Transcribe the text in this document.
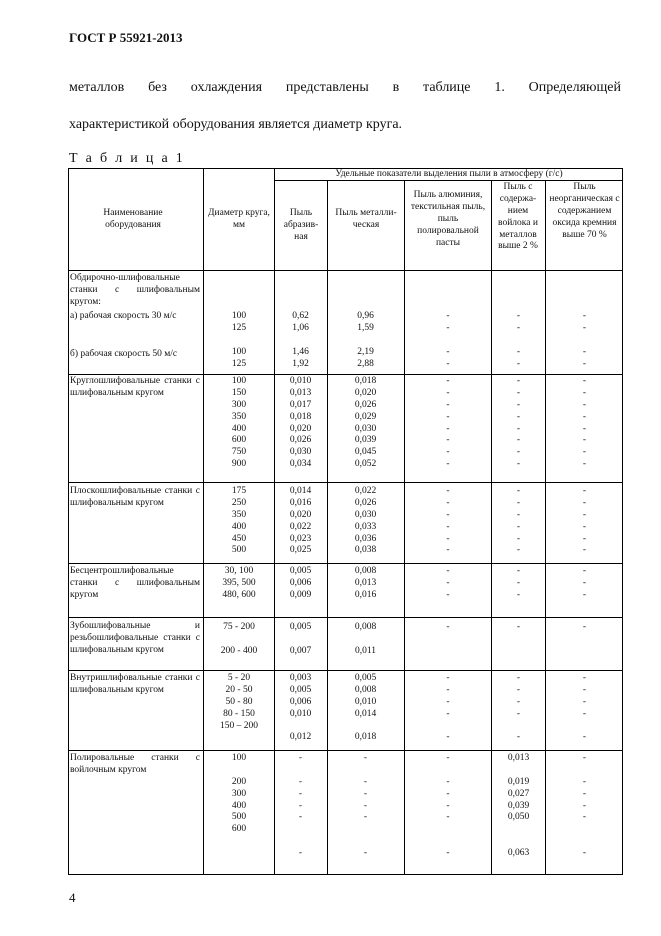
ГОСТ Р 55921-2013
металлов без охлаждения представлены в таблице 1. Определяющей
характеристикой оборудования является диаметр круга.
Т а б л и ц а 1
Наименование оборудования
Диаметр круга, мм
Удельные показатели выделения пыли в атмосферу (г/с)
Пыль абразив-ная
Пыль металли-ческая
Пыль алюминия, текстильная пыль, пыль полировальной пасты
Пыль с содержа-нием войлока и металлов выше 2 %
Пыль неорганическая с содержанием оксида кремния выше 70 %
Обдирочно-шлифовальные станки с шлифовальным кругом:
а) рабочая скорость 30 м/с
б) рабочая скорость 50 м/с
100
125

100
125
0,62
1,06

1,46
1,92
0,96
1,59

2,19
2,88
-
-

-
-
-
-

-
-
-
-

-
-
Круглошлифовальные станки с шлифовальным кругом
100
150
300
350
400
600
750
900
0,010
0,013
0,017
0,018
0,020
0,026
0,030
0,034
0,018
0,020
0,026
0,029
0,030
0,039
0,045
0,052
-
-
-
-
-
-
-
-
-
-
-
-
-
-
-
-
-
-
-
-
-
-
-
-
Плоскошлифовальные станки с шлифовальным кругом
175
250
350
400
450
500
0,014
0,016
0,020
0,022
0,023
0,025
0,022
0,026
0,030
0,033
0,036
0,038
-
-
-
-
-
-
-
-
-
-
-
-
-
-
-
-
-
-
Бесцентрошлифовальные станки с шлифовальным кругом
30, 100
395, 500
480, 600
0,005
0,006
0,009
0,008
0,013
0,016
-
-
-
-
-
-
-
-
-
Зубошлифовальные и резьбошлифовальные станки с шлифовальным кругом
75 - 200

200 - 400
0,005

0,007
0,008

0,011
-	-	-
Внутришлифовальные станки с шлифовальным кругом
5 - 20
20 - 50
50 - 80
80 - 150
150 – 200
0,003
0,005
0,006
0,010

0,012
0,005
0,008
0,010
0,014

0,018
-
-
-
-

-
-
-
-
-

-
-
-
-
-

-
Полировальные станки с войлочным кругом
100

200
300
400
500
600
-

-
-
-
-

-
-

-
-
-
-

-
-

-
-
-
-

-
0,013

0,019
0,027
0,039
0,050

0,063
-

-
-
-
-

-
4
